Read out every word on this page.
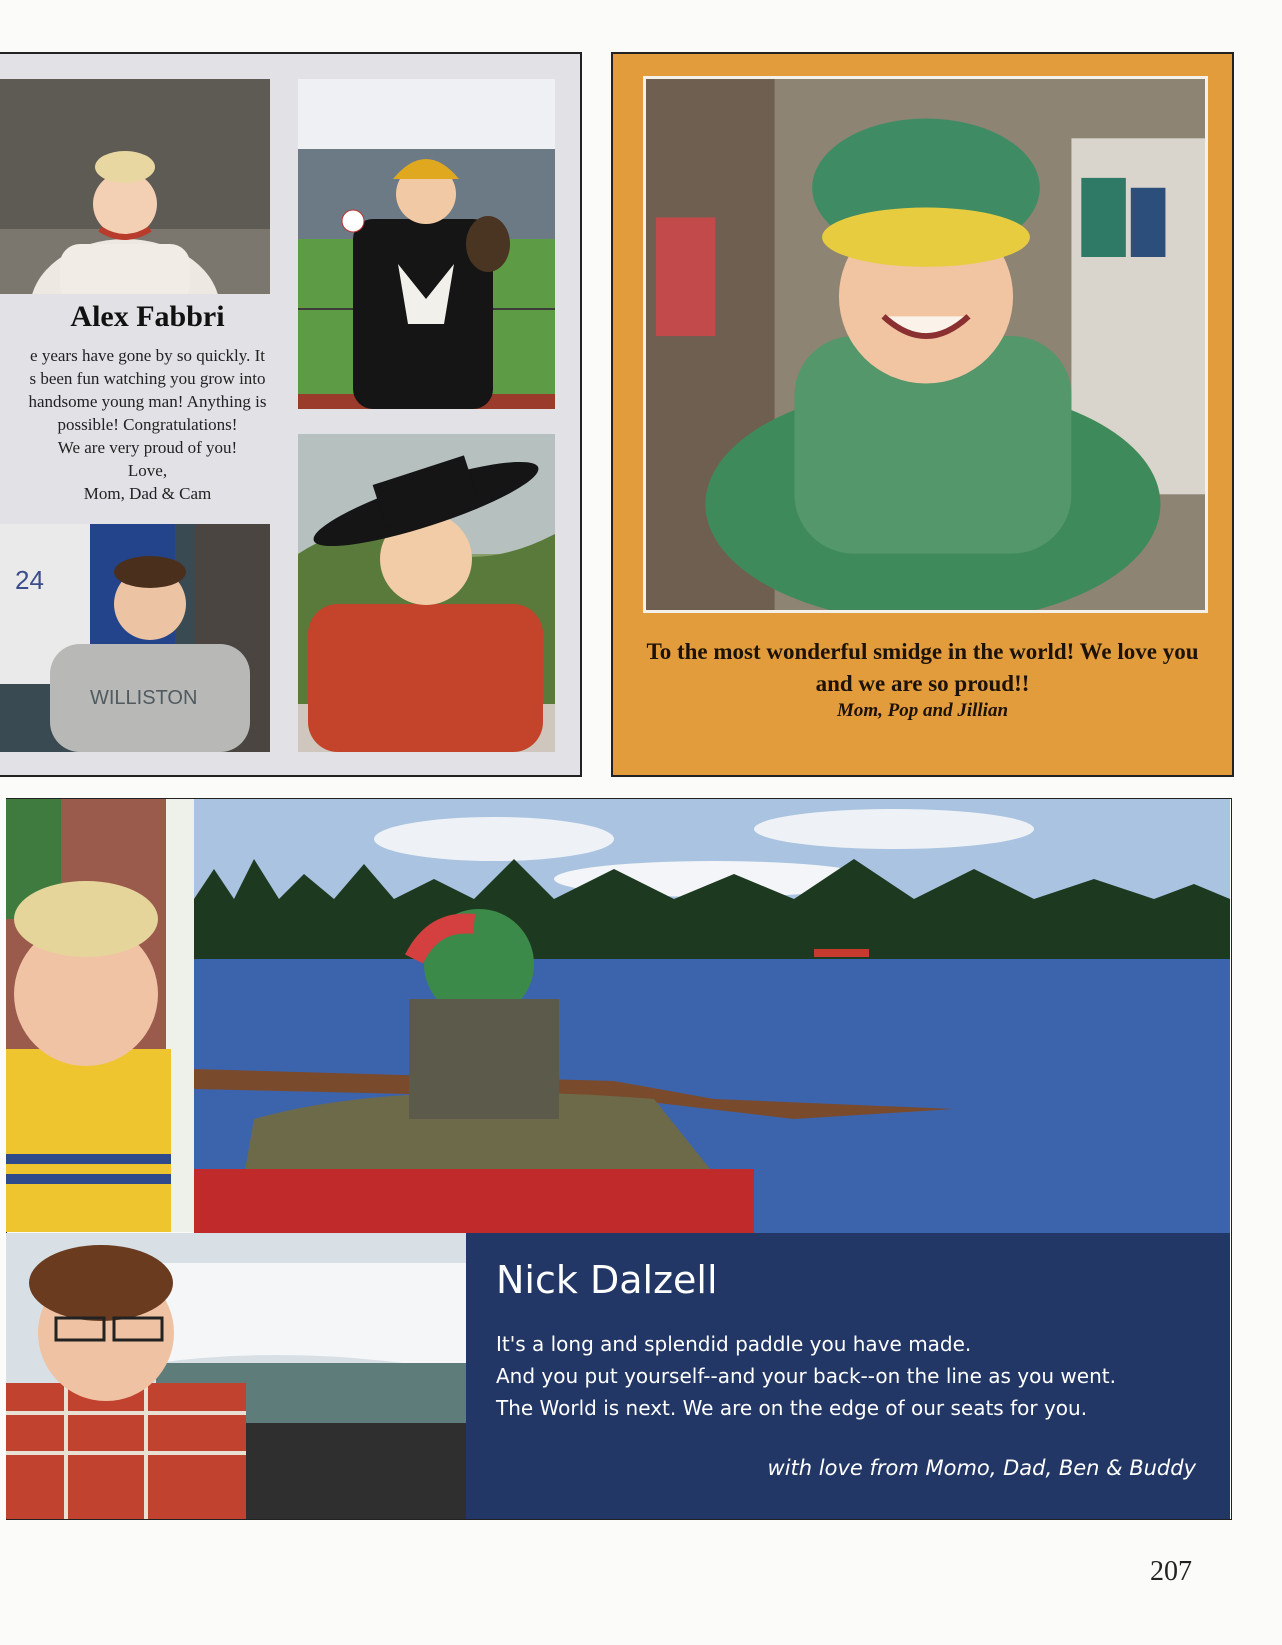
24
WILLISTON
Alex Fabbri
e years have gone by so quickly. It
s been fun watching you grow into
handsome young man! Anything is
possible! Congratulations!
We are very proud of you!
Love,
Mom, Dad & Cam
To the most wonderful smidge in the world! We love you and we are so proud!!
Mom, Pop and Jillian
Nick Dalzell
It's a long and splendid paddle you have made.
And you put yourself--and your back--on the line as you went.
The World is next. We are on the edge of our seats for you.
with love from Momo, Dad, Ben & Buddy
207
